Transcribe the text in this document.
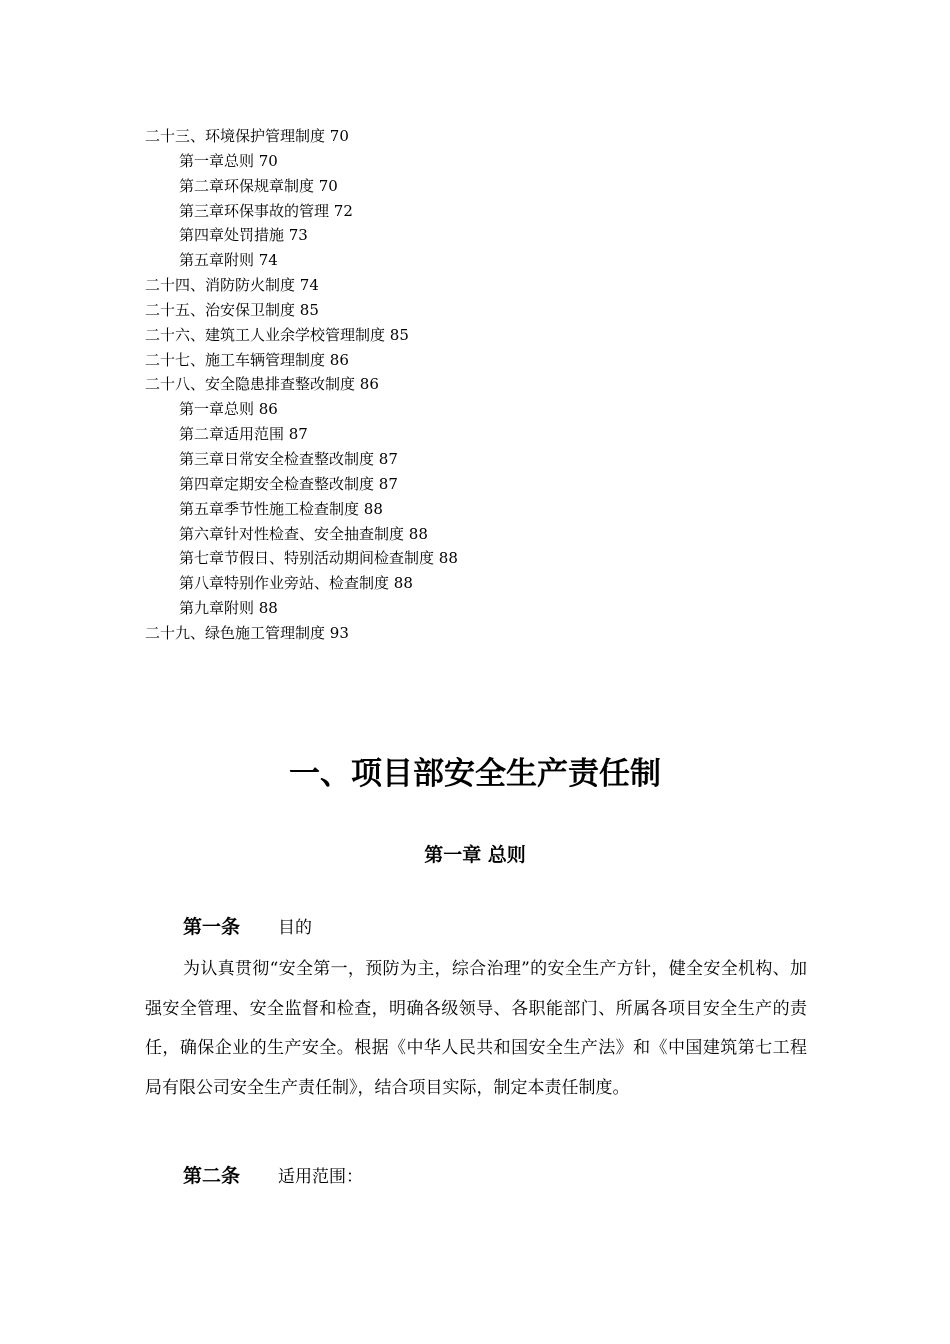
二十三、环境保护管理制度 70
第一章总则 70
第二章环保规章制度 70
第三章环保事故的管理 72
第四章处罚措施 73
第五章附则 74
二十四、消防防火制度 74
二十五、治安保卫制度 85
二十六、建筑工人业余学校管理制度 85
二十七、施工车辆管理制度 86
二十八、安全隐患排查整改制度 86
第一章总则 86
第二章适用范围 87
第三章日常安全检查整改制度 87
第四章定期安全检查整改制度 87
第五章季节性施工检查制度 88
第六章针对性检查、安全抽查制度 88
第七章节假日、特别活动期间检查制度 88
第八章特别作业旁站、检查制度 88
第九章附则 88
二十九、绿色施工管理制度 93
一、项目部安全生产责任制
第一章 总则
第一条 目的

为认真贯彻“安全第一，预防为主，综合治理”的安全生产方针，健全安全机构、加强安全管理、安全监督和检查，明确各级领导、各职能部门、所属各项目安全生产的责任，确保企业的生产安全。根据《中华人民共和国安全生产法》和《中国建筑第七工程局有限公司安全生产责任制》，结合项目实际，制定本责任制度。

第二条 适用范围：
